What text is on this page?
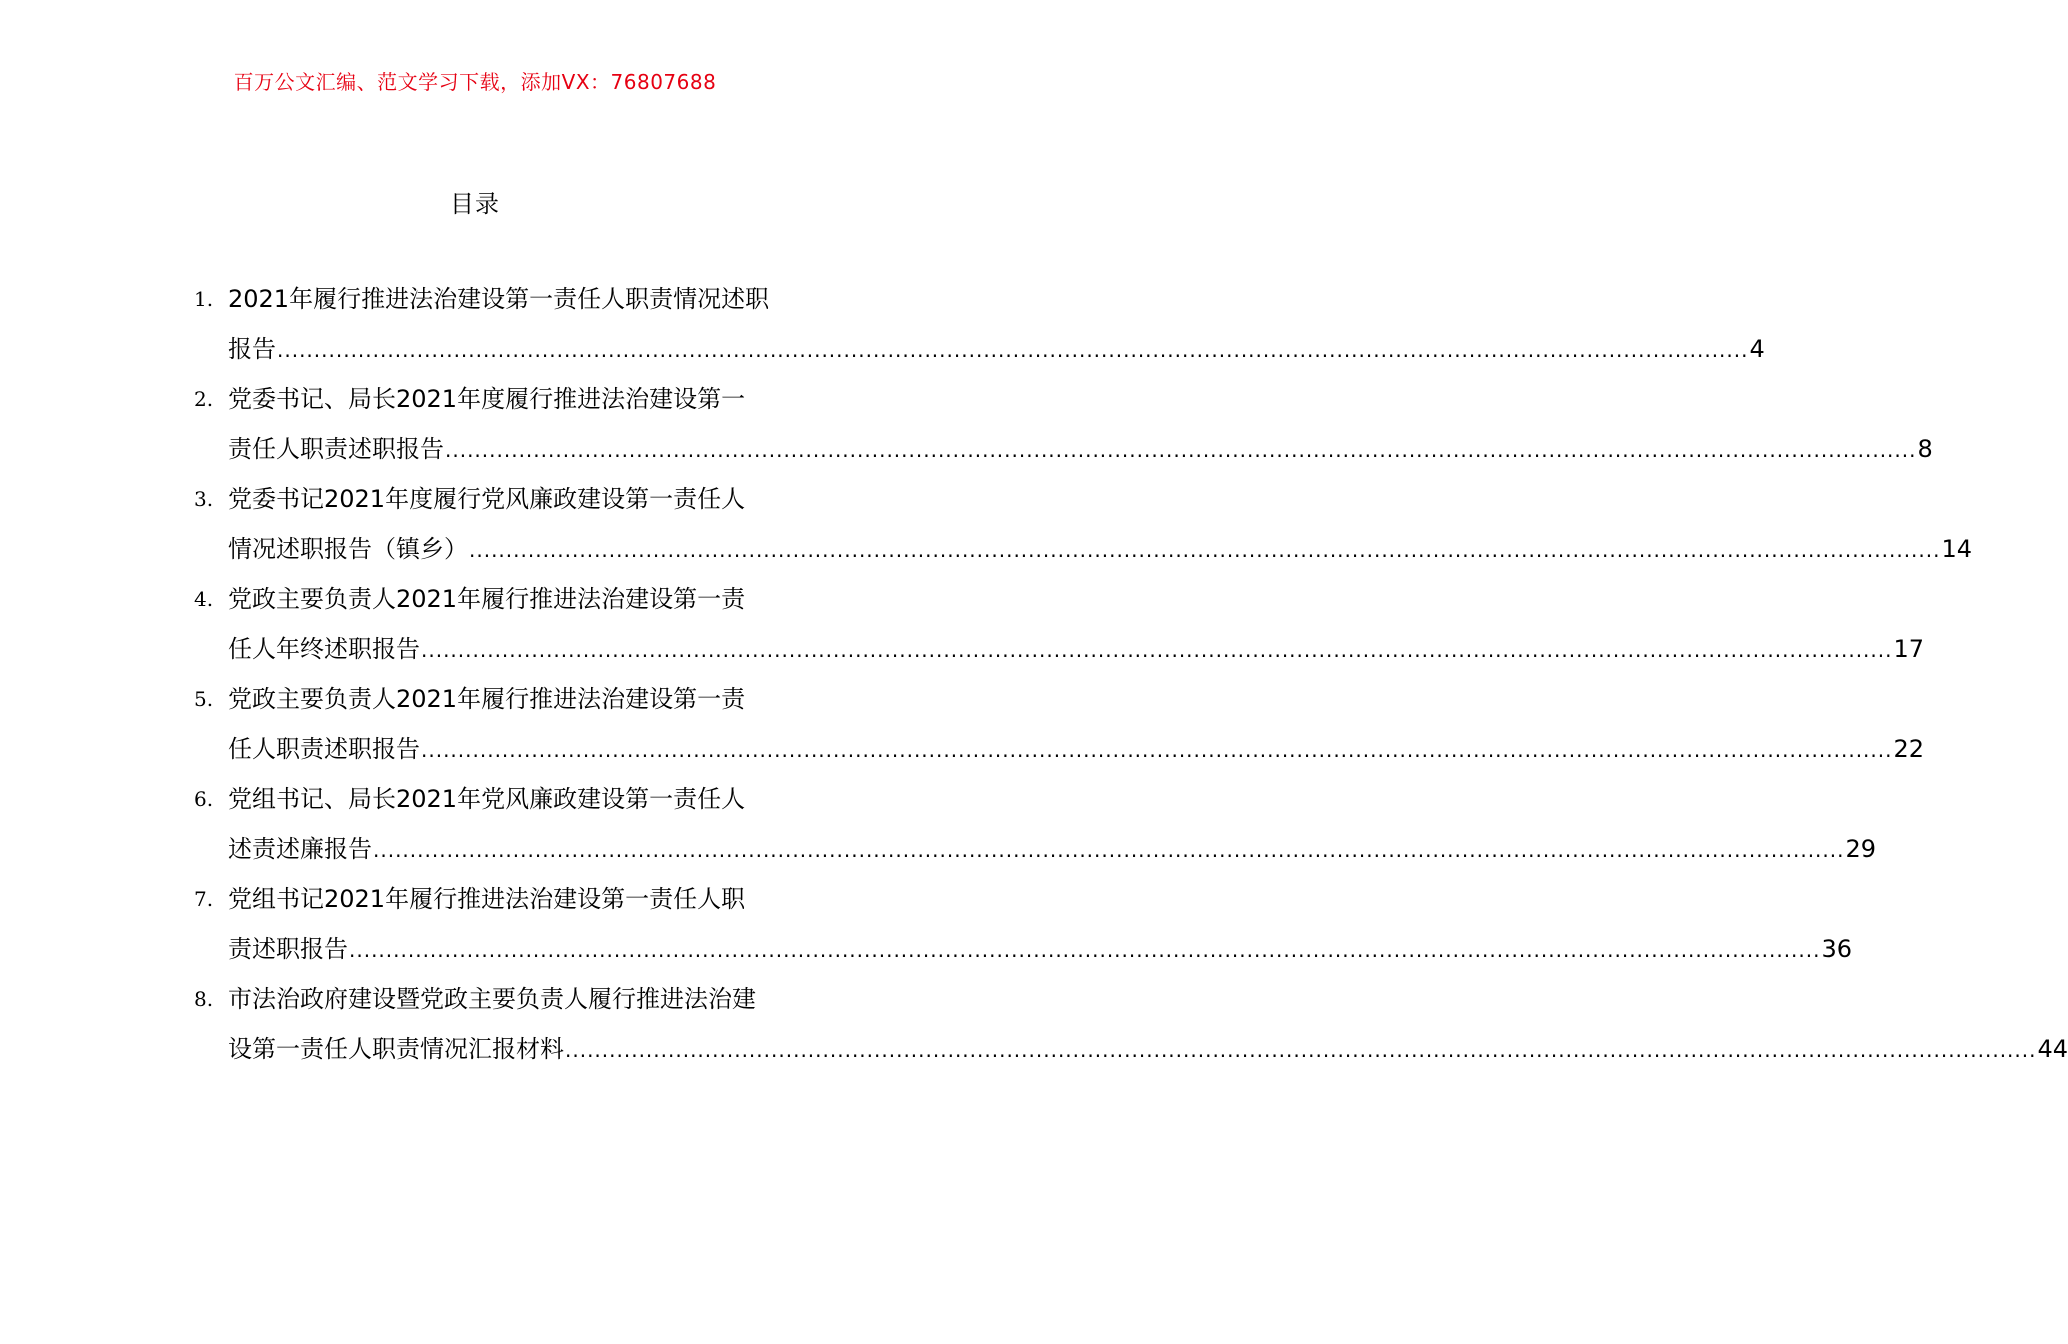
百万公文汇编、范文学习下载，添加VX：76807688
目录
1. 2021年履行推进法治建设第一责任人职责情况述职
报告 ........................................................................................................................................................................................................ 4
2. 党委书记、局长2021年度履行推进法治建设第一
责任人职责述职报告 ........................................................................................................................................................................................................ 8
3. 党委书记2021年度履行党风廉政建设第一责任人
情况述职报告（镇乡） ........................................................................................................................................................................................................ 14
4. 党政主要负责人2021年履行推进法治建设第一责
任人年终述职报告 ........................................................................................................................................................................................................ 17
5. 党政主要负责人2021年履行推进法治建设第一责
任人职责述职报告 ........................................................................................................................................................................................................ 22
6. 党组书记、局长2021年党风廉政建设第一责任人
述责述廉报告 ........................................................................................................................................................................................................ 29
7. 党组书记2021年履行推进法治建设第一责任人职
责述职报告 ........................................................................................................................................................................................................ 36
8. 市法治政府建设暨党政主要负责人履行推进法治建
设第一责任人职责情况汇报材料 ........................................................................................................................................................................................................ 44
